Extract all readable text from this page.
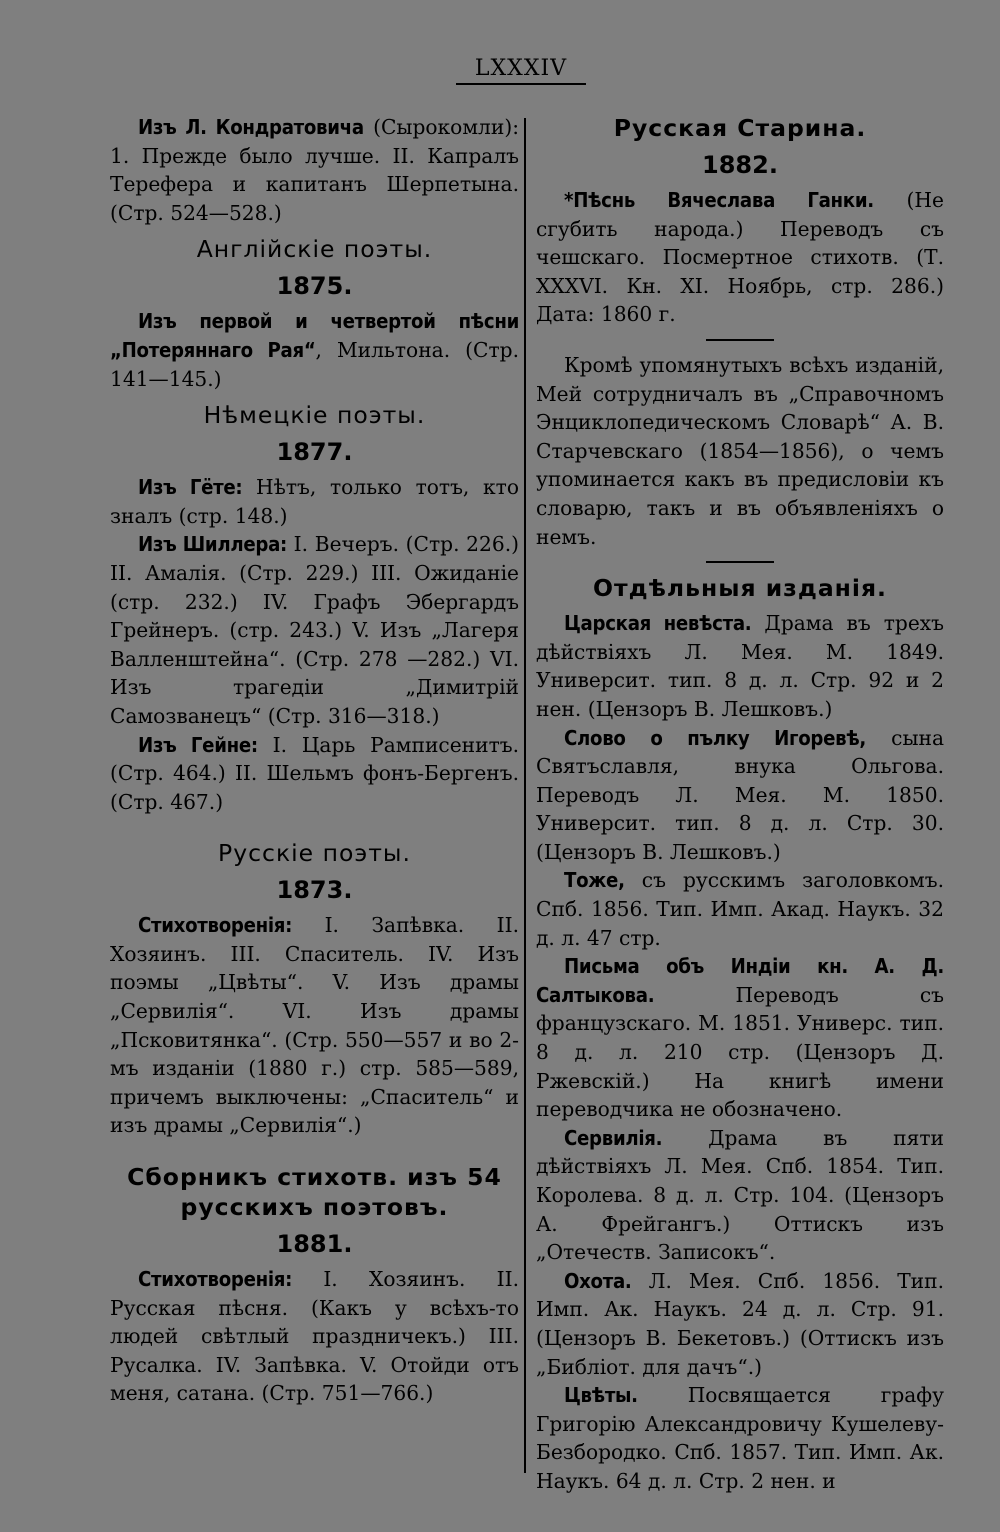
LXXXIV

Изъ Л. Кондратовича (Сырокомли): 1. Прежде было лучше. II. Капралъ Терефера и капитанъ Шерпетына. (Стр. 524—528.)

Англійскіе поэты.
1875.

Изъ первой и четвертой пѣсни „Потеряннаго Рая“, Мильтона. (Стр. 141—145.)

Нѣмецкіе поэты.
1877.

Изъ Гёте: Нѣтъ, только тотъ, кто зналъ (стр. 148.)

Изъ Шиллера: I. Вечеръ. (Стр. 226.) II. Амалія. (Стр. 229.) III. Ожиданіе (стр. 232.) IV. Графъ Эбергардъ Грейнеръ. (стр. 243.) V. Изъ „Лагеря Валленштейна“. (Стр. 278 —282.) VI. Изъ трагедіи „Димитрій Самозванецъ“ (Стр. 316—318.)

Изъ Гейне: I. Царь Рамписенитъ. (Стр. 464.) II. Шельмъ фонъ-Бергенъ. (Стр. 467.)

Русскіе поэты.
1873.

Стихотворенія: I. Запѣвка. II. Хозяинъ. III. Спаситель. IV. Изъ поэмы „Цвѣты“. V. Изъ драмы „Сервилія“. VI. Изъ драмы „Псковитянка“. (Стр. 550—557 и во 2-мъ изданіи (1880 г.) стр. 585—589, причемъ выключены: „Спаситель“ и изъ драмы „Сервилія“.)

Сборникъ стихотв. изъ 54 русскихъ поэтовъ.
1881.

Стихотворенія: I. Хозяинъ. II. Русская пѣсня. (Какъ у всѣхъ-то людей свѣтлый праздничекъ.) III. Русалка. IV. Запѣвка. V. Отойди отъ меня, сатана. (Стр. 751—766.)

Русская Старина.
1882.

*Пѣснь Вячеслава Ганки. (Не сгубить народа.) Переводъ съ чешскаго. Посмертное стихотв. (Т. XXXVI. Кн. XI. Ноябрь, стр. 286.) Дата: 1860 г.

Кромѣ упомянутыхъ всѣхъ изданій, Мей сотрудничалъ въ „Справочномъ Энциклопедическомъ Словарѣ“ А. В. Старчевскаго (1854—1856), о чемъ упоминается какъ въ предисловіи къ словарю, такъ и въ объявленіяхъ о немъ.

Отдѣльныя изданія.

Царская невѣста. Драма въ трехъ дѣйствіяхъ Л. Мея. М. 1849. Университ. тип. 8 д. л. Стр. 92 и 2 нен. (Цензоръ В. Лешковъ.)

Слово о пълку Игоревѣ, сына Святъславля, внука Ольгова. Переводъ Л. Мея. М. 1850. Университ. тип. 8 д. л. Стр. 30. (Цензоръ В. Лешковъ.)

Тоже, съ русскимъ заголовкомъ. Спб. 1856. Тип. Имп. Акад. Наукъ. 32 д. л. 47 стр.

Письма объ Индіи кн. А. Д. Салтыкова. Переводъ съ французскаго. М. 1851. Универс. тип. 8 д. л. 210 стр. (Цензоръ Д. Ржевскій.) На книгѣ имени переводчика не обозначено.

Сервилія. Драма въ пяти дѣйствіяхъ Л. Мея. Спб. 1854. Тип. Королева. 8 д. л. Стр. 104. (Цензоръ А. Фрейгангъ.) Оттискъ изъ „Отечеств. Записокъ“.

Охота. Л. Мея. Спб. 1856. Тип. Имп. Ак. Наукъ. 24 д. л. Стр. 91. (Цензоръ В. Бекетовъ.) (Оттискъ изъ „Библіот. для дачъ“.)

Цвѣты. Посвящается графу Григорію Александровичу Кушелеву-Безбородко. Спб. 1857. Тип. Имп. Ак. Наукъ. 64 д. л. Стр. 2 нен. и
